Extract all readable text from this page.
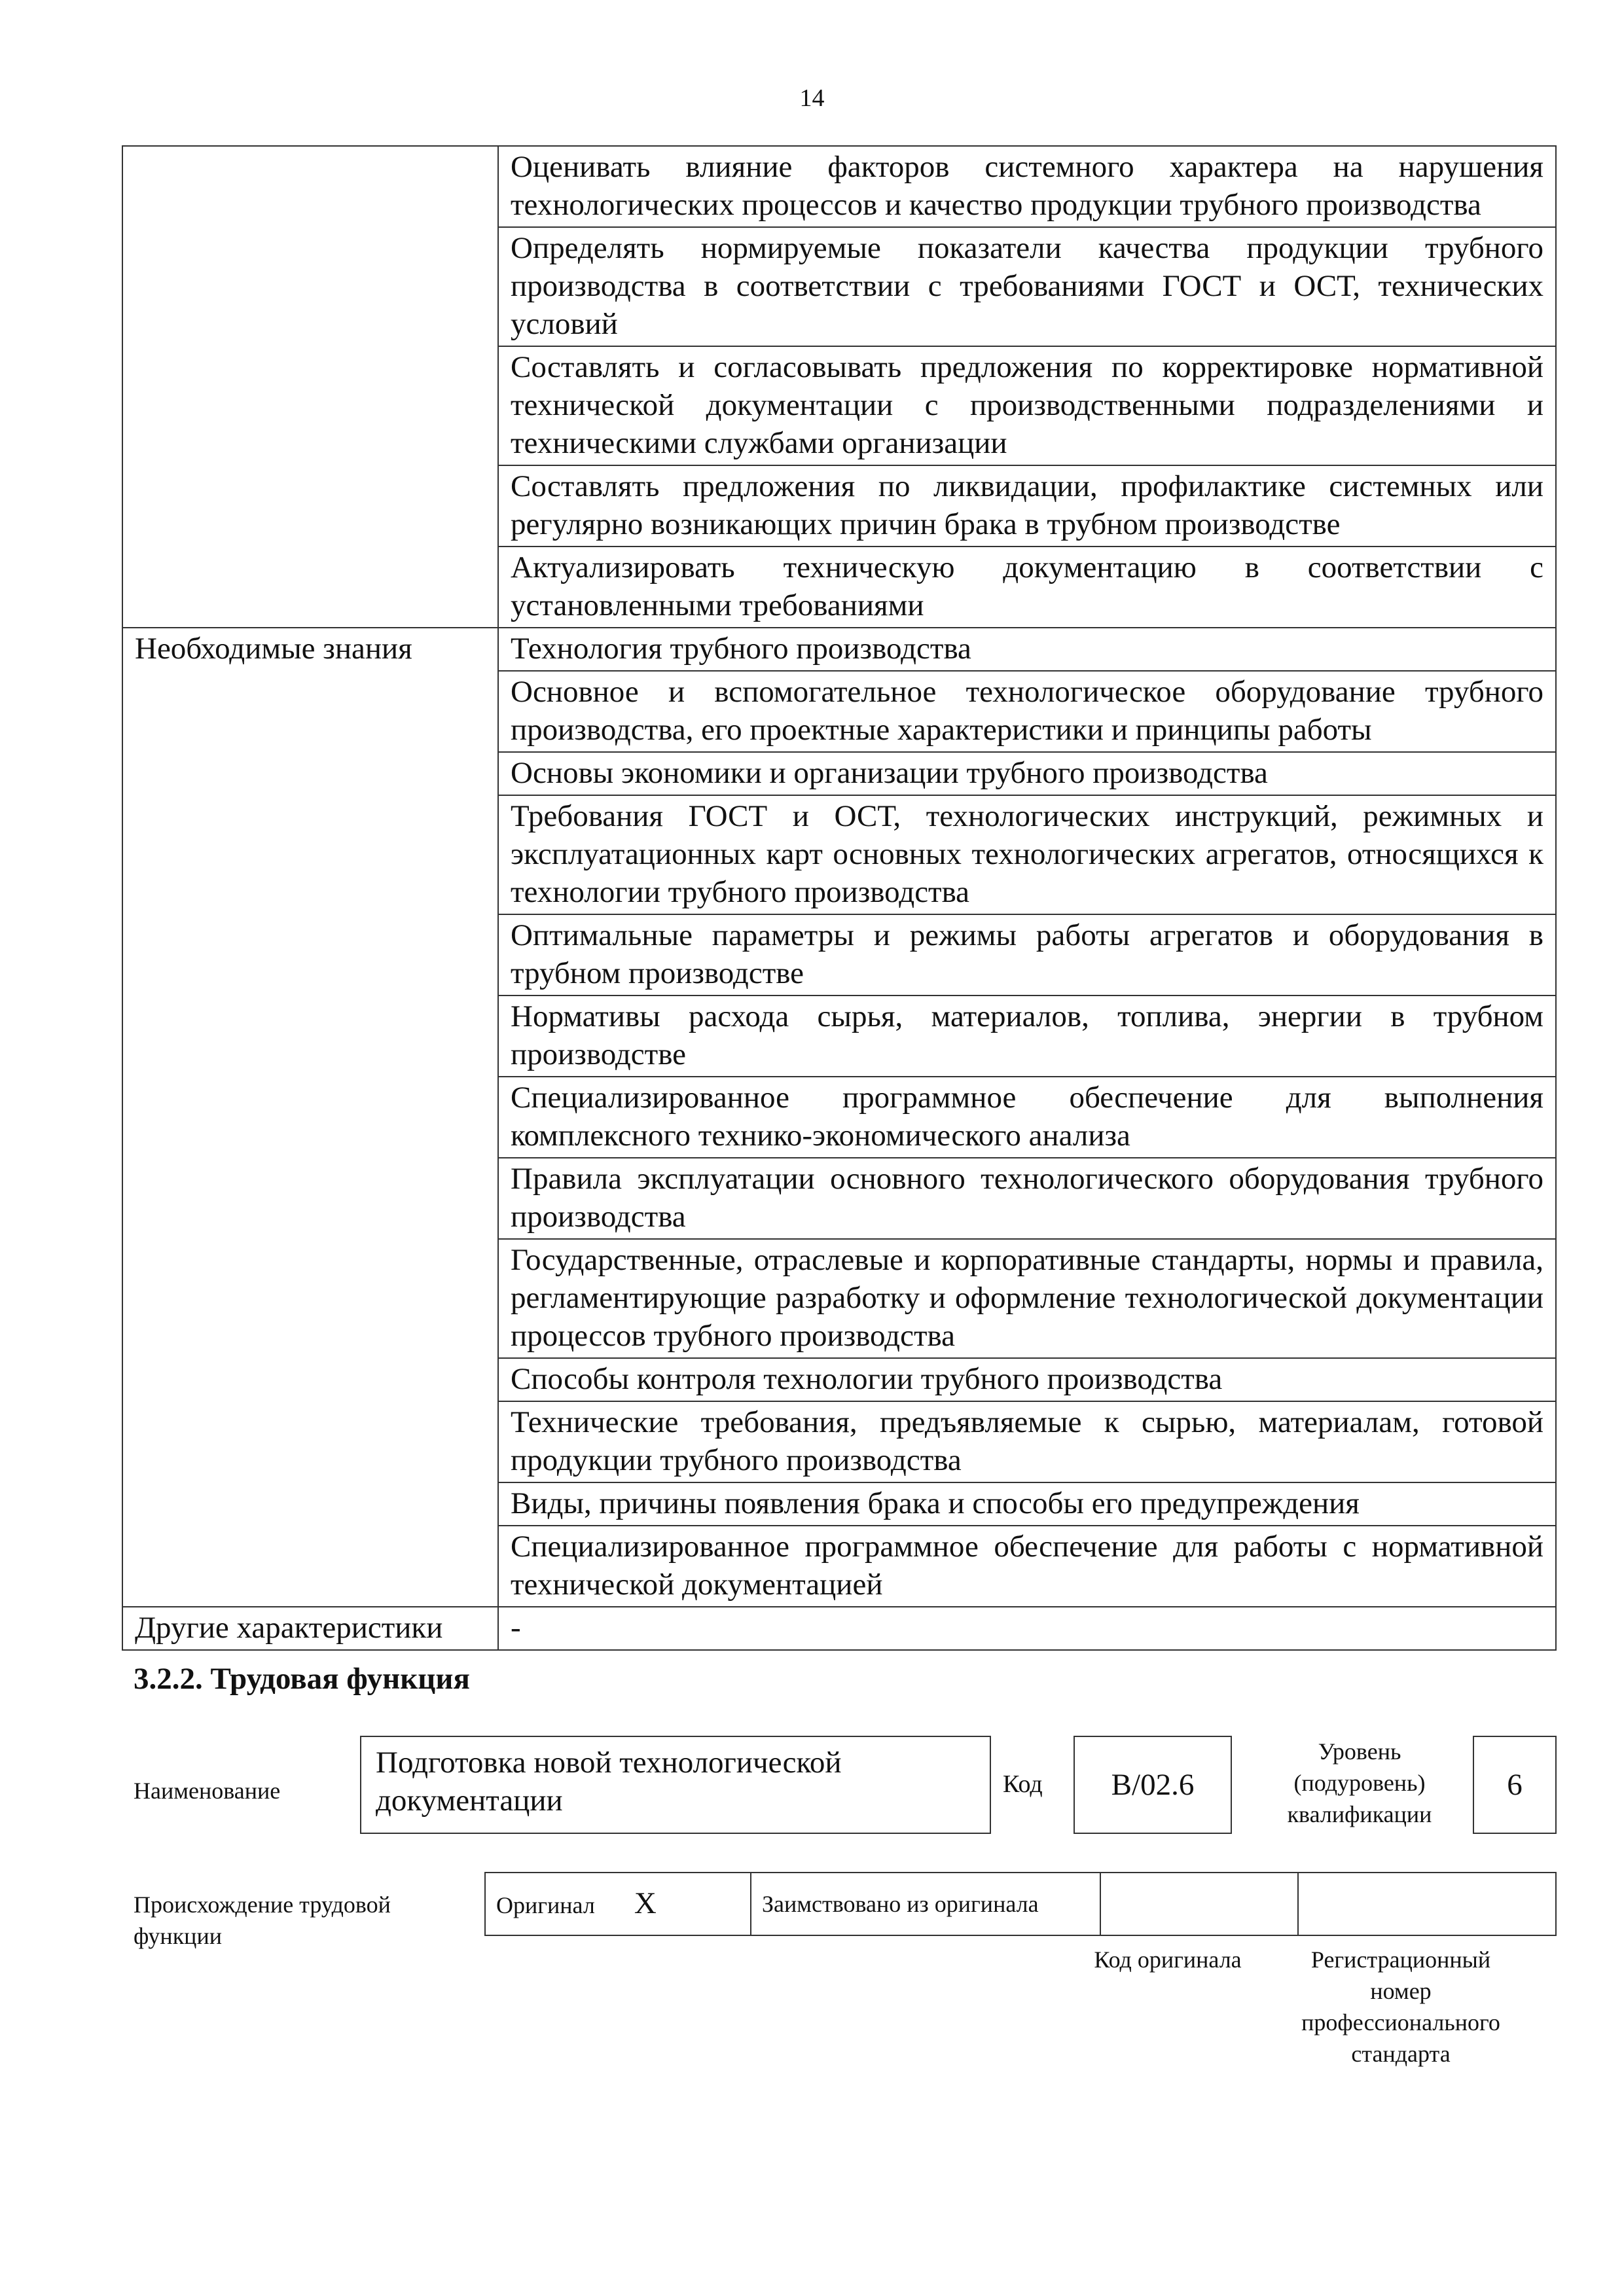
14
	Оценивать влияние факторов системного характера на нарушения технологических процессов и качество продукции трубного производства
	Определять нормируемые показатели качества продукции трубного производства в соответствии с требованиями ГОСТ и ОСТ, технических условий
	Составлять и согласовывать предложения по корректировке нормативной технической документации с производственными подразделениями и техническими службами организации
	Составлять предложения по ликвидации, профилактике системных или регулярно возникающих причин брака в трубном производстве
	Актуализировать техническую документацию в соответствии с установленными требованиями
Необходимые знания	Технология трубного производства
	Основное и вспомогательное технологическое оборудование трубного производства, его проектные характеристики и принципы работы
	Основы экономики и организации трубного производства
	Требования ГОСТ и ОСТ, технологических инструкций, режимных и эксплуатационных карт основных технологических агрегатов, относящихся к технологии трубного производства
	Оптимальные параметры и режимы работы агрегатов и оборудования в трубном производстве
	Нормативы расхода сырья, материалов, топлива, энергии в трубном производстве
	Специализированное программное обеспечение для выполнения комплексного технико-экономического анализа
	Правила эксплуатации основного технологического оборудования трубного производства
	Государственные, отраслевые и корпоративные стандарты, нормы и правила, регламентирующие разработку и оформление технологической документации процессов трубного производства
	Способы контроля технологии трубного производства
	Технические требования, предъявляемые к сырью, материалам, готовой продукции трубного производства
	Виды, причины появления брака и способы его предупреждения
	Специализированное программное обеспечение для работы с нормативной технической документацией
Другие характеристики	-
3.2.2. Трудовая функция
Наименование
Подготовка новой технологической документации	Код	B/02.6
Уровень (подуровень) квалификации
6
Происхождение трудовой функции
Оригинал X	Заимствовано из оригинала		
Код оригинала	Регистрационный номер профессионального стандарта
